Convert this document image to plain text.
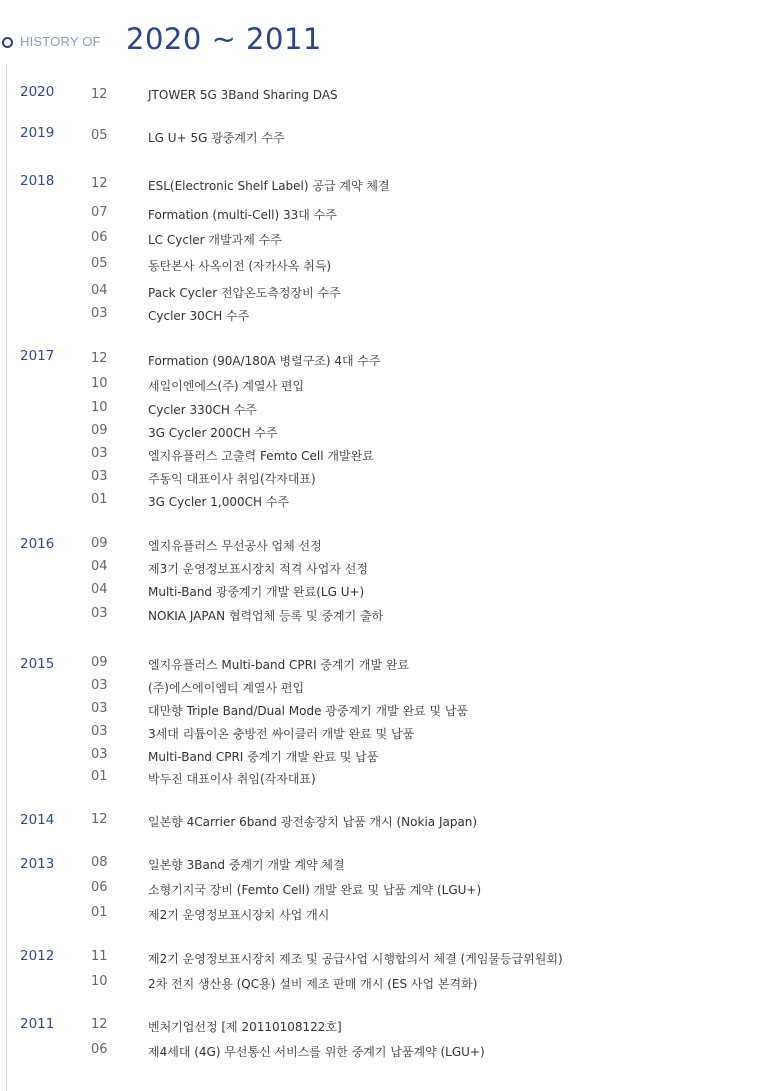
HISTORY OF 2020 ~ 2011
2020	12	JTOWER 5G 3Band Sharing DAS
2019	05	LG U+ 5G 광중계기 수주
2018	12	ESL(Electronic Shelf Label) 공급 계약 체결
07	Formation (multi-Cell) 33대 수주
06	LC Cycler 개발과제 수주
05	동탄본사 사옥이전 (자가사옥 취득)
04	Pack Cycler 전압온도측정장비 수주
03	Cycler 30CH 수주
2017	12	Formation (90A/180A 병렬구조) 4대 수주
10	세일이엔에스(주) 계열사 편입
10	Cycler 330CH 수주
09	3G Cycler 200CH 수주
03	엘지유플러스 고출력 Femto Cell 개발완료
03	주동익 대표이사 취임(각자대표)
01	3G Cycler 1,000CH 수주
2016	09	엘지유플러스 무선공사 업체 선정
04	제3기 운영정보표시장치 적격 사업자 선정
04	Multi-Band 광중계기 개발 완료(LG U+)
03	NOKIA JAPAN 협력업체 등록 및 중계기 출하
2015	09	엘지유플러스 Multi-band CPRI 중계기 개발 완료
03	(주)에스에이엠티 계열사 편입
03	대만향 Triple Band/Dual Mode 광중계기 개발 완료 및 납품
03	3세대 리튬이온 충방전 싸이클러 개발 완료 및 납품
03	Multi-Band CPRI 중계기 개발 완료 및 납품
01	박두진 대표이사 취임(각자대표)
2014	12	일본향 4Carrier 6band 광전송장치 납품 개시 (Nokia Japan)
2013	08	일본향 3Band 중계기 개발 계약 체결
06	소형기지국 장비 (Femto Cell) 개발 완료 및 납품 계약 (LGU+)
01	제2기 운영정보표시장치 사업 개시
2012	11	제2기 운영정보표시장치 제조 및 공급사업 시행합의서 체결 (게임물등급위원회)
10	2차 전지 생산용 (QC용) 설비 제조 판매 개시 (ES 사업 본격화)
2011	12	벤처기업선정 [제 20110108122호]
06	제4세대 (4G) 무선통신 서비스를 위한 중계기 납품계약 (LGU+)
